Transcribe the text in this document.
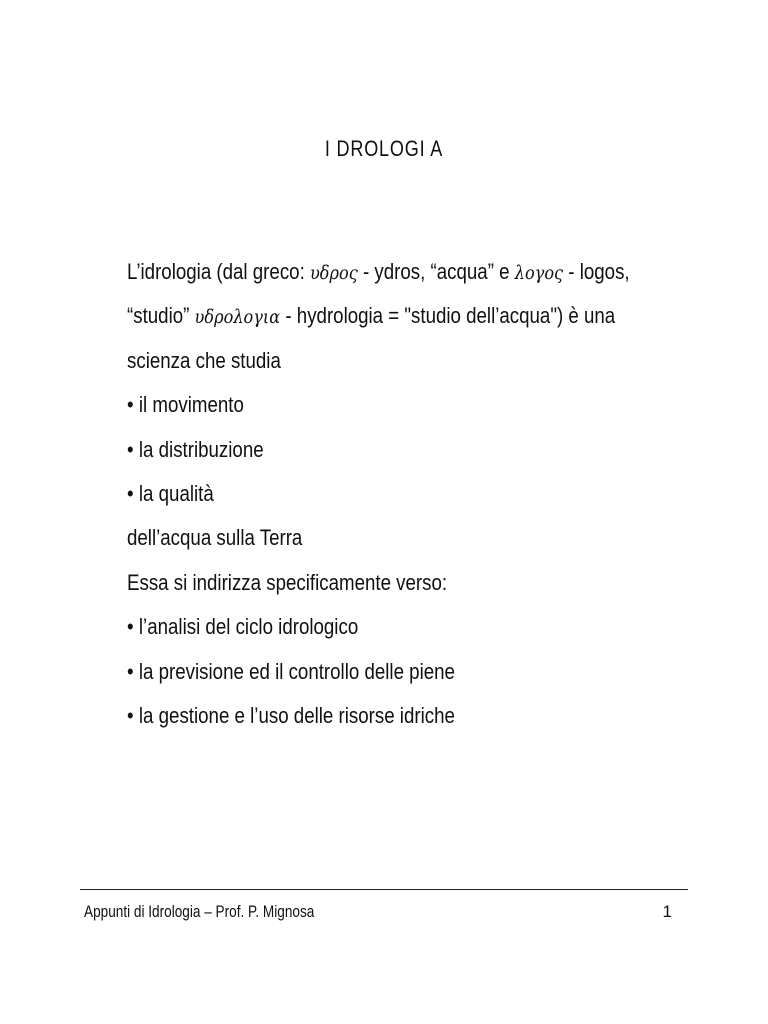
I DROLOGI A
L’idrologia (dal greco: υδρος - ydros, “acqua” e λογος - logos,
“studio” υδρολογια - hydrologia = "studio dell’acqua") è una
scienza che studia
• il movimento
• la distribuzione
• la qualità
dell’acqua sulla Terra
Essa si indirizza specificamente verso:
• l’analisi del ciclo idrologico
• la previsione ed il controllo delle piene
• la gestione e l’uso delle risorse idriche
Appunti di Idrologia – Prof. P. Mignosa	1
